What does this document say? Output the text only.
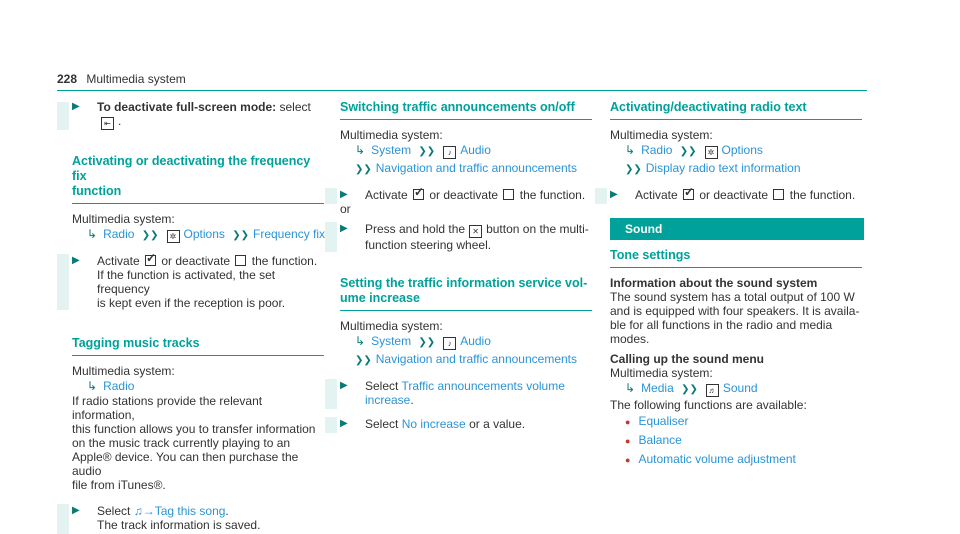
228 Multimedia system
▶ To deactivate full-screen mode: select
⇤ .
Activating or deactivating the frequency fix
function
Multimedia system:
↳ Radio ❯❯ ✲ Options ❯❯ Frequency fix
▶ Activate ✓ or deactivate the function.
If the function is activated, the set frequency
is kept even if the reception is poor.
Tagging music tracks
Multimedia system:
↳ Radio
If radio stations provide the relevant information,
this function allows you to transfer information
on the music track currently playing to an
Apple® device. You can then purchase the audio
file from iTunes®.
▶ Select ♫→Tag this song.
The track information is saved.
Switching traffic announcements on/off
Multimedia system:
↳ System ❯❯ ♪ Audio
❯❯ Navigation and traffic announcements
▶ Activate ✓ or deactivate the function.
or
▶ Press and hold the ✕ button on the multi-
function steering wheel.
Setting the traffic information service vol-
ume increase
Multimedia system:
↳ System ❯❯ ♪ Audio
❯❯ Navigation and traffic announcements
▶ Select Traffic announcements volume
increase.
▶ Select No increase or a value.
Activating/deactivating radio text
Multimedia system:
↳ Radio ❯❯ ✲ Options
❯❯ Display radio text information
▶ Activate ✓ or deactivate the function.
Sound
Tone settings
Information about the sound system
The sound system has a total output of 100 W
and is equipped with four speakers. It is availa-
ble for all functions in the radio and media
modes.
Calling up the sound menu
Multimedia system:
↳ Media ❯❯ ♬ Sound
The following functions are available:
● Equaliser
● Balance
● Automatic volume adjustment
